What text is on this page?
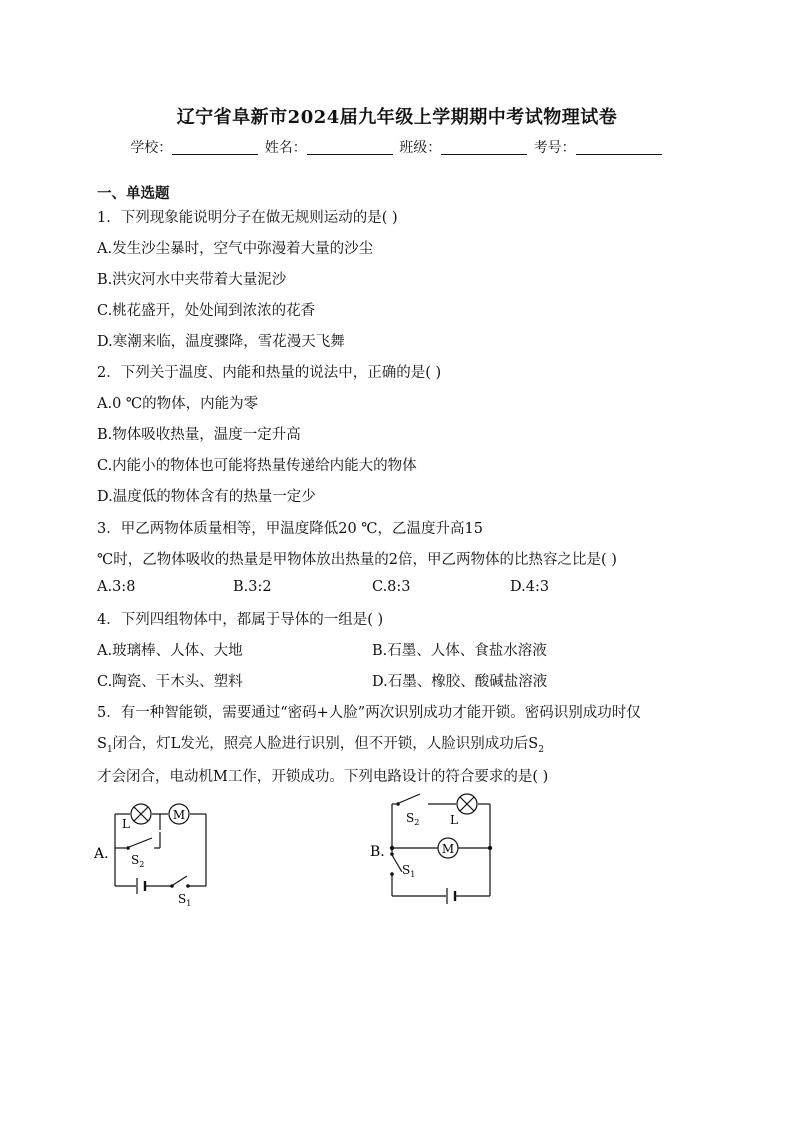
辽宁省阜新市2024届九年级上学期期中考试物理试卷
学校：	姓名：	班级：	考号：
一、单选题
1．下列现象能说明分子在做无规则运动的是( )
A.发生沙尘暴时，空气中弥漫着大量的沙尘
B.洪灾河水中夹带着大量泥沙
C.桃花盛开，处处闻到浓浓的花香
D.寒潮来临，温度骤降，雪花漫天飞舞
2．下列关于温度、内能和热量的说法中，正确的是( )
A.0 ℃的物体，内能为零
B.物体吸收热量，温度一定升高
C.内能小的物体也可能将热量传递给内能大的物体
D.温度低的物体含有的热量一定少
3．甲乙两物体质量相等，甲温度降低20 ℃，乙温度升高15
℃时，乙物体吸收的热量是甲物体放出热量的2倍，甲乙两物体的比热容之比是( )
A.3:8	B.3:2	C.8:3	D.4:3
4．下列四组物体中，都属于导体的一组是( )
A.玻璃棒、人体、大地	B.石墨、人体、食盐水溶液
C.陶瓷、干木头、塑料	D.石墨、橡胶、酸碱盐溶液
5．有一种智能锁，需要通过“密码+人脸”两次识别成功才能开锁。密码识别成功时仅
$S_1$闭合，灯L发光，照亮人脸进行识别，但不开锁，人脸识别成功后$S_2$
才会闭合，电动机M工作，开锁成功。下列电路设计的符合要求的是( )
M
L
$S_2$
$S_1$
A.
$S_2$	L
M
$S_1$
B.
